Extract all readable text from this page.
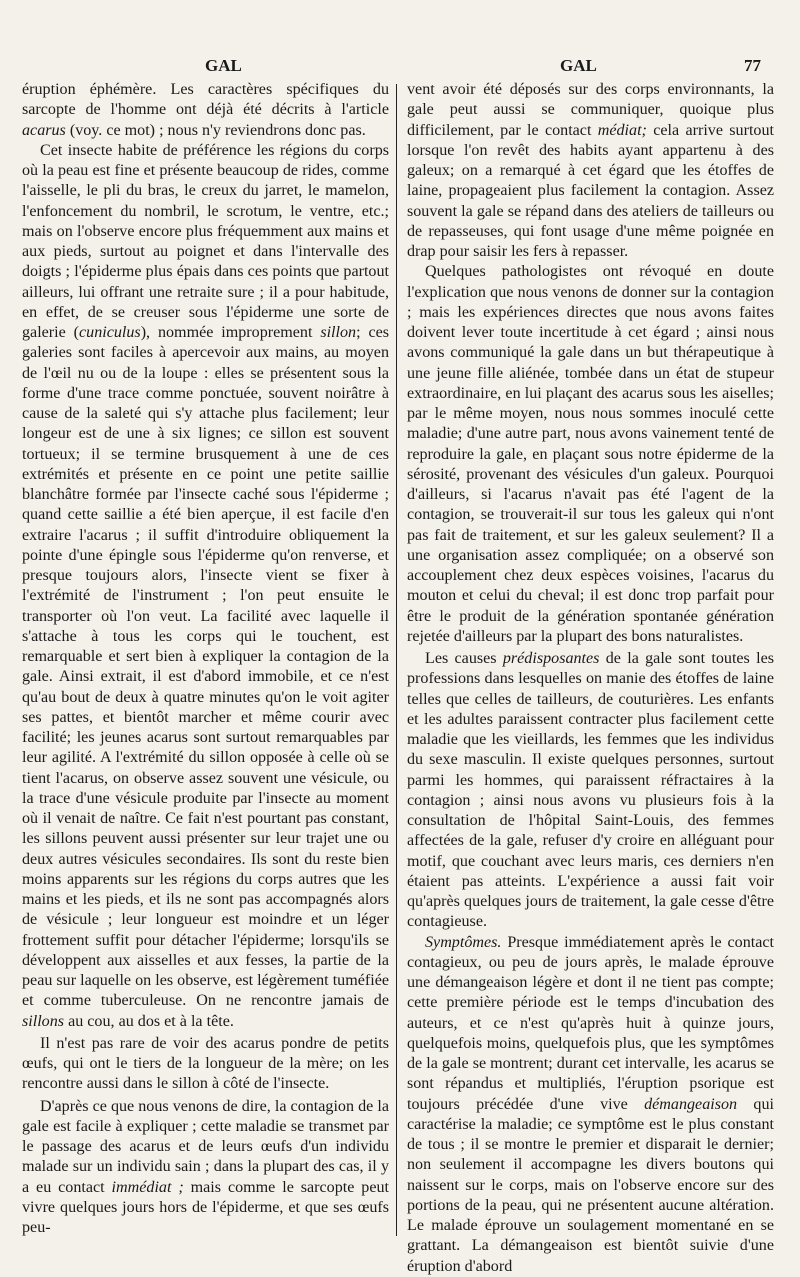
GAL	GAL	77

éruption éphémère. Les caractères spécifiques du sarcopte de l'homme ont déjà été décrits à l'article acarus (voy. ce mot) ; nous n'y reviendrons donc pas.

Cet insecte habite de préférence les régions du corps où la peau est fine et présente beaucoup de rides, comme l'aisselle, le pli du bras, le creux du jarret, le mamelon, l'enfoncement du nombril, le scrotum, le ventre, etc.; mais on l'observe encore plus fréquemment aux mains et aux pieds, surtout au poignet et dans l'intervalle des doigts ; l'épiderme plus épais dans ces points que partout ailleurs, lui offrant une retraite sure ; il a pour habitude, en effet, de se creuser sous l'épiderme une sorte de galerie (cuniculus), nommée improprement sillon; ces galeries sont faciles à apercevoir aux mains, au moyen de l'œil nu ou de la loupe : elles se présentent sous la forme d'une trace comme ponctuée, souvent noirâtre à cause de la saleté qui s'y attache plus facilement; leur longeur est de une à six lignes; ce sillon est souvent tortueux; il se termine brusquement à une de ces extrémités et présente en ce point une petite saillie blanchâtre formée par l'insecte caché sous l'épiderme ; quand cette saillie a été bien aperçue, il est facile d'en extraire l'acarus ; il suffit d'introduire obliquement la pointe d'une épingle sous l'épiderme qu'on renverse, et presque toujours alors, l'insecte vient se fixer à l'extrémité de l'instrument ; l'on peut ensuite le transporter où l'on veut. La facilité avec laquelle il s'attache à tous les corps qui le touchent, est remarquable et sert bien à expliquer la contagion de la gale. Ainsi extrait, il est d'abord immobile, et ce n'est qu'au bout de deux à quatre minutes qu'on le voit agiter ses pattes, et bientôt marcher et même courir avec facilité; les jeunes acarus sont surtout remarquables par leur agilité. A l'extrémité du sillon opposée à celle où se tient l'acarus, on observe assez souvent une vésicule, ou la trace d'une vésicule produite par l'insecte au moment où il venait de naître. Ce fait n'est pourtant pas constant, les sillons peuvent aussi présenter sur leur trajet une ou deux autres vésicules secondaires. Ils sont du reste bien moins apparents sur les régions du corps autres que les mains et les pieds, et ils ne sont pas accompagnés alors de vésicule ; leur longueur est moindre et un léger frottement suffit pour détacher l'épiderme; lorsqu'ils se développent aux aisselles et aux fesses, la partie de la peau sur laquelle on les observe, est légèrement tuméfiée et comme tuberculeuse. On ne rencontre jamais de sillons au cou, au dos et à la tête.

Il n'est pas rare de voir des acarus pondre de petits œufs, qui ont le tiers de la longueur de la mère; on les rencontre aussi dans le sillon à côté de l'insecte.

D'après ce que nous venons de dire, la contagion de la gale est facile à expliquer ; cette maladie se transmet par le passage des acarus et de leurs œufs d'un individu malade sur un individu sain ; dans la plupart des cas, il y a eu contact immédiat ; mais comme le sarcopte peut vivre quelques jours hors de l'épiderme, et que ses œufs peu-

vent avoir été déposés sur des corps environnants, la gale peut aussi se communiquer, quoique plus difficilement, par le contact médiat; cela arrive surtout lorsque l'on revêt des habits ayant appartenu à des galeux; on a remarqué à cet égard que les étoffes de laine, propageaient plus facilement la contagion. Assez souvent la gale se répand dans des ateliers de tailleurs ou de repasseuses, qui font usage d'une même poignée en drap pour saisir les fers à repasser.

Quelques pathologistes ont révoqué en doute l'explication que nous venons de donner sur la contagion ; mais les expériences directes que nous avons faites doivent lever toute incertitude à cet égard ; ainsi nous avons communiqué la gale dans un but thérapeutique à une jeune fille aliénée, tombée dans un état de stupeur extraordinaire, en lui plaçant des acarus sous les aiselles; par le même moyen, nous nous sommes inoculé cette maladie; d'une autre part, nous avons vainement tenté de reproduire la gale, en plaçant sous notre épiderme de la sérosité, provenant des vésicules d'un galeux. Pourquoi d'ailleurs, si l'acarus n'avait pas été l'agent de la contagion, se trouverait-il sur tous les galeux qui n'ont pas fait de traitement, et sur les galeux seulement? Il a une organisation assez compliquée; on a observé son accouplement chez deux espèces voisines, l'acarus du mouton et celui du cheval; il est donc trop parfait pour être le produit de la génération spontanée génération rejetée d'ailleurs par la plupart des bons naturalistes.

Les causes prédisposantes de la gale sont toutes les professions dans lesquelles on manie des étoffes de laine telles que celles de tailleurs, de couturières. Les enfants et les adultes paraissent contracter plus facilement cette maladie que les vieillards, les femmes que les individus du sexe masculin. Il existe quelques personnes, surtout parmi les hommes, qui paraissent réfractaires à la contagion ; ainsi nous avons vu plusieurs fois à la consultation de l'hôpital Saint-Louis, des femmes affectées de la gale, refuser d'y croire en alléguant pour motif, que couchant avec leurs maris, ces derniers n'en étaient pas atteints. L'expérience a aussi fait voir qu'après quelques jours de traitement, la gale cesse d'être contagieuse.

Symptômes. Presque immédiatement après le contact contagieux, ou peu de jours après, le malade éprouve une démangeaison légère et dont il ne tient pas compte; cette première période est le temps d'incubation des auteurs, et ce n'est qu'après huit à quinze jours, quelquefois moins, quelquefois plus, que les symptômes de la gale se montrent; durant cet intervalle, les acarus se sont répandus et multipliés, l'éruption psorique est toujours précédée d'une vive démangeaison qui caractérise la maladie; ce symptôme est le plus constant de tous ; il se montre le premier et disparait le dernier; non seulement il accompagne les divers boutons qui naissent sur le corps, mais on l'observe encore sur des portions de la peau, qui ne présentent aucune altération. Le malade éprouve un soulagement momentané en se grattant. La démangeaison est bientôt suivie d'une éruption d'abord
